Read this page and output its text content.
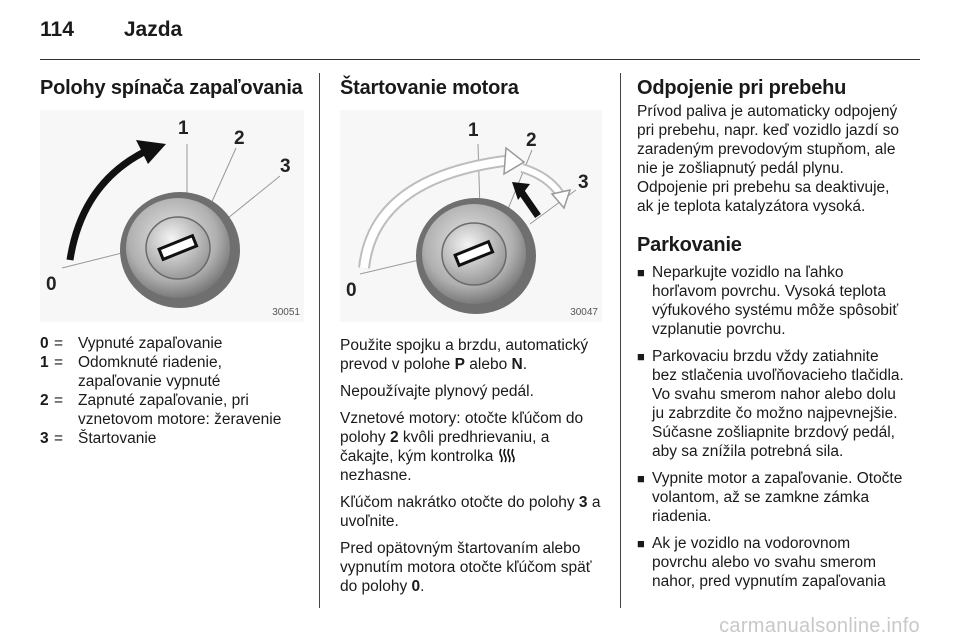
114 Jazda
Polohy spínača zapaľovania
0
1 2
3
30051
0 = Vypnuté zapaľovanie
1 = Odomknuté riadenie, zapaľovanie vypnuté
2 = Zapnuté zapaľovanie, pri vznetovom motore: žeravenie
3 = Štartovanie
Štartovanie motora
0
1 2
3
30047

Použite spojku a brzdu, automatický prevod v polohe P alebo N.

Nepoužívajte plynový pedál.

Vznetové motory: otočte kľúčom do polohy 2 kvôli predhrievaniu, a čakajte, kým kontrolka
nezhasne.

Kľúčom nakrátko otočte do polohy 3 a uvoľnite.

Pred opätovným štartovaním alebo vypnutím motora otočte kľúčom späť do polohy 0.

Odpojenie pri prebehu

Prívod paliva je automaticky odpojený pri prebehu, napr. keď vozidlo jazdí so zaradeným prevodovým stupňom, ale nie je zošliapnutý pedál plynu. Odpojenie pri prebehu sa deaktivuje, ak je teplota katalyzátora vysoká.

Parkovanie
■ Neparkujte vozidlo na ľahko horľavom povrchu. Vysoká teplota výfukového systému môže spôsobiť vzplanutie povrchu.
■ Parkovaciu brzdu vždy zatiahnite bez stlačenia uvoľňovacieho tlačidla. Vo svahu smerom nahor alebo dolu ju zabrzdite čo možno najpevnejšie. Súčasne zošliapnite brzdový pedál, aby sa znížila potrebná sila.
■ Vypnite motor a zapaľovanie. Otočte volantom, až se zamkne zámka riadenia.
■ Ak je vozidlo na vodorovnom povrchu alebo vo svahu smerom nahor, pred vypnutím zapaľovania
carmanualsonline.info
